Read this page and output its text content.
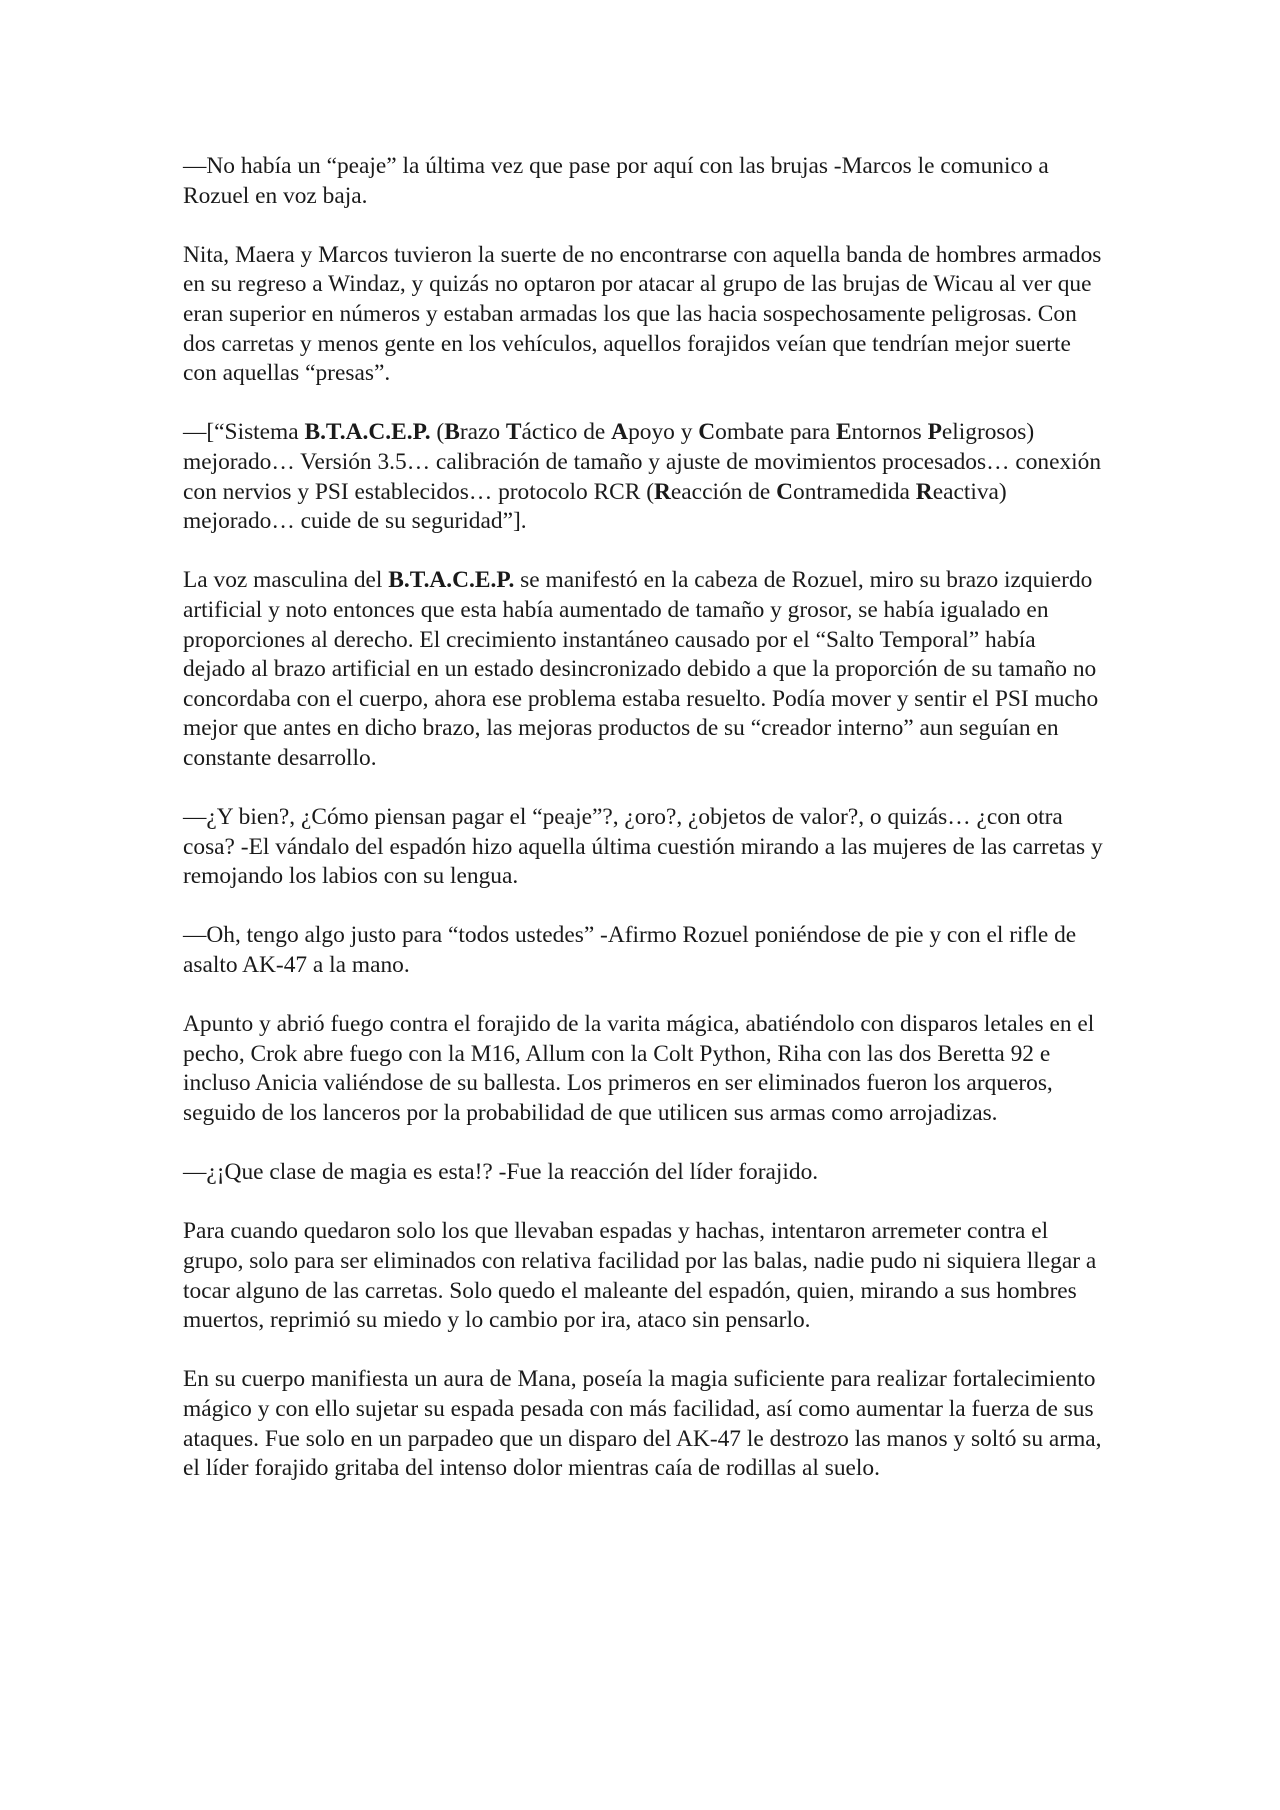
—No había un “peaje” la última vez que pase por aquí con las brujas -Marcos le comunico a Rozuel en voz baja.

Nita, Maera y Marcos tuvieron la suerte de no encontrarse con aquella banda de hombres armados en su regreso a Windaz, y quizás no optaron por atacar al grupo de las brujas de Wicau al ver que eran superior en números y estaban armadas los que las hacia sospechosamente peligrosas. Con dos carretas y menos gente en los vehículos, aquellos forajidos veían que tendrían mejor suerte con aquellas “presas”.

—[“Sistema B.T.A.C.E.P. (Brazo Táctico de Apoyo y Combate para Entornos Peligrosos) mejorado… Versión 3.5… calibración de tamaño y ajuste de movimientos procesados… conexión con nervios y PSI establecidos… protocolo RCR (Reacción de Contramedida Reactiva) mejorado… cuide de su seguridad”].

La voz masculina del B.T.A.C.E.P. se manifestó en la cabeza de Rozuel, miro su brazo izquierdo artificial y noto entonces que esta había aumentado de tamaño y grosor, se había igualado en proporciones al derecho. El crecimiento instantáneo causado por el “Salto Temporal” había dejado al brazo artificial en un estado desincronizado debido a que la proporción de su tamaño no concordaba con el cuerpo, ahora ese problema estaba resuelto. Podía mover y sentir el PSI mucho mejor que antes en dicho brazo, las mejoras productos de su “creador interno” aun seguían en constante desarrollo.

—¿Y bien?, ¿Cómo piensan pagar el “peaje”?, ¿oro?, ¿objetos de valor?, o quizás… ¿con otra cosa? -El vándalo del espadón hizo aquella última cuestión mirando a las mujeres de las carretas y remojando los labios con su lengua.

—Oh, tengo algo justo para “todos ustedes” -Afirmo Rozuel poniéndose de pie y con el rifle de asalto AK-47 a la mano.

Apunto y abrió fuego contra el forajido de la varita mágica, abatiéndolo con disparos letales en el pecho, Crok abre fuego con la M16, Allum con la Colt Python, Riha con las dos Beretta 92 e incluso Anicia valiéndose de su ballesta. Los primeros en ser eliminados fueron los arqueros, seguido de los lanceros por la probabilidad de que utilicen sus armas como arrojadizas.

—¿¡Que clase de magia es esta!? -Fue la reacción del líder forajido.

Para cuando quedaron solo los que llevaban espadas y hachas, intentaron arremeter contra el grupo, solo para ser eliminados con relativa facilidad por las balas, nadie pudo ni siquiera llegar a tocar alguno de las carretas. Solo quedo el maleante del espadón, quien, mirando a sus hombres muertos, reprimió su miedo y lo cambio por ira, ataco sin pensarlo.

En su cuerpo manifiesta un aura de Mana, poseía la magia suficiente para realizar fortalecimiento mágico y con ello sujetar su espada pesada con más facilidad, así como aumentar la fuerza de sus ataques. Fue solo en un parpadeo que un disparo del AK-47 le destrozo las manos y soltó su arma, el líder forajido gritaba del intenso dolor mientras caía de rodillas al suelo.
